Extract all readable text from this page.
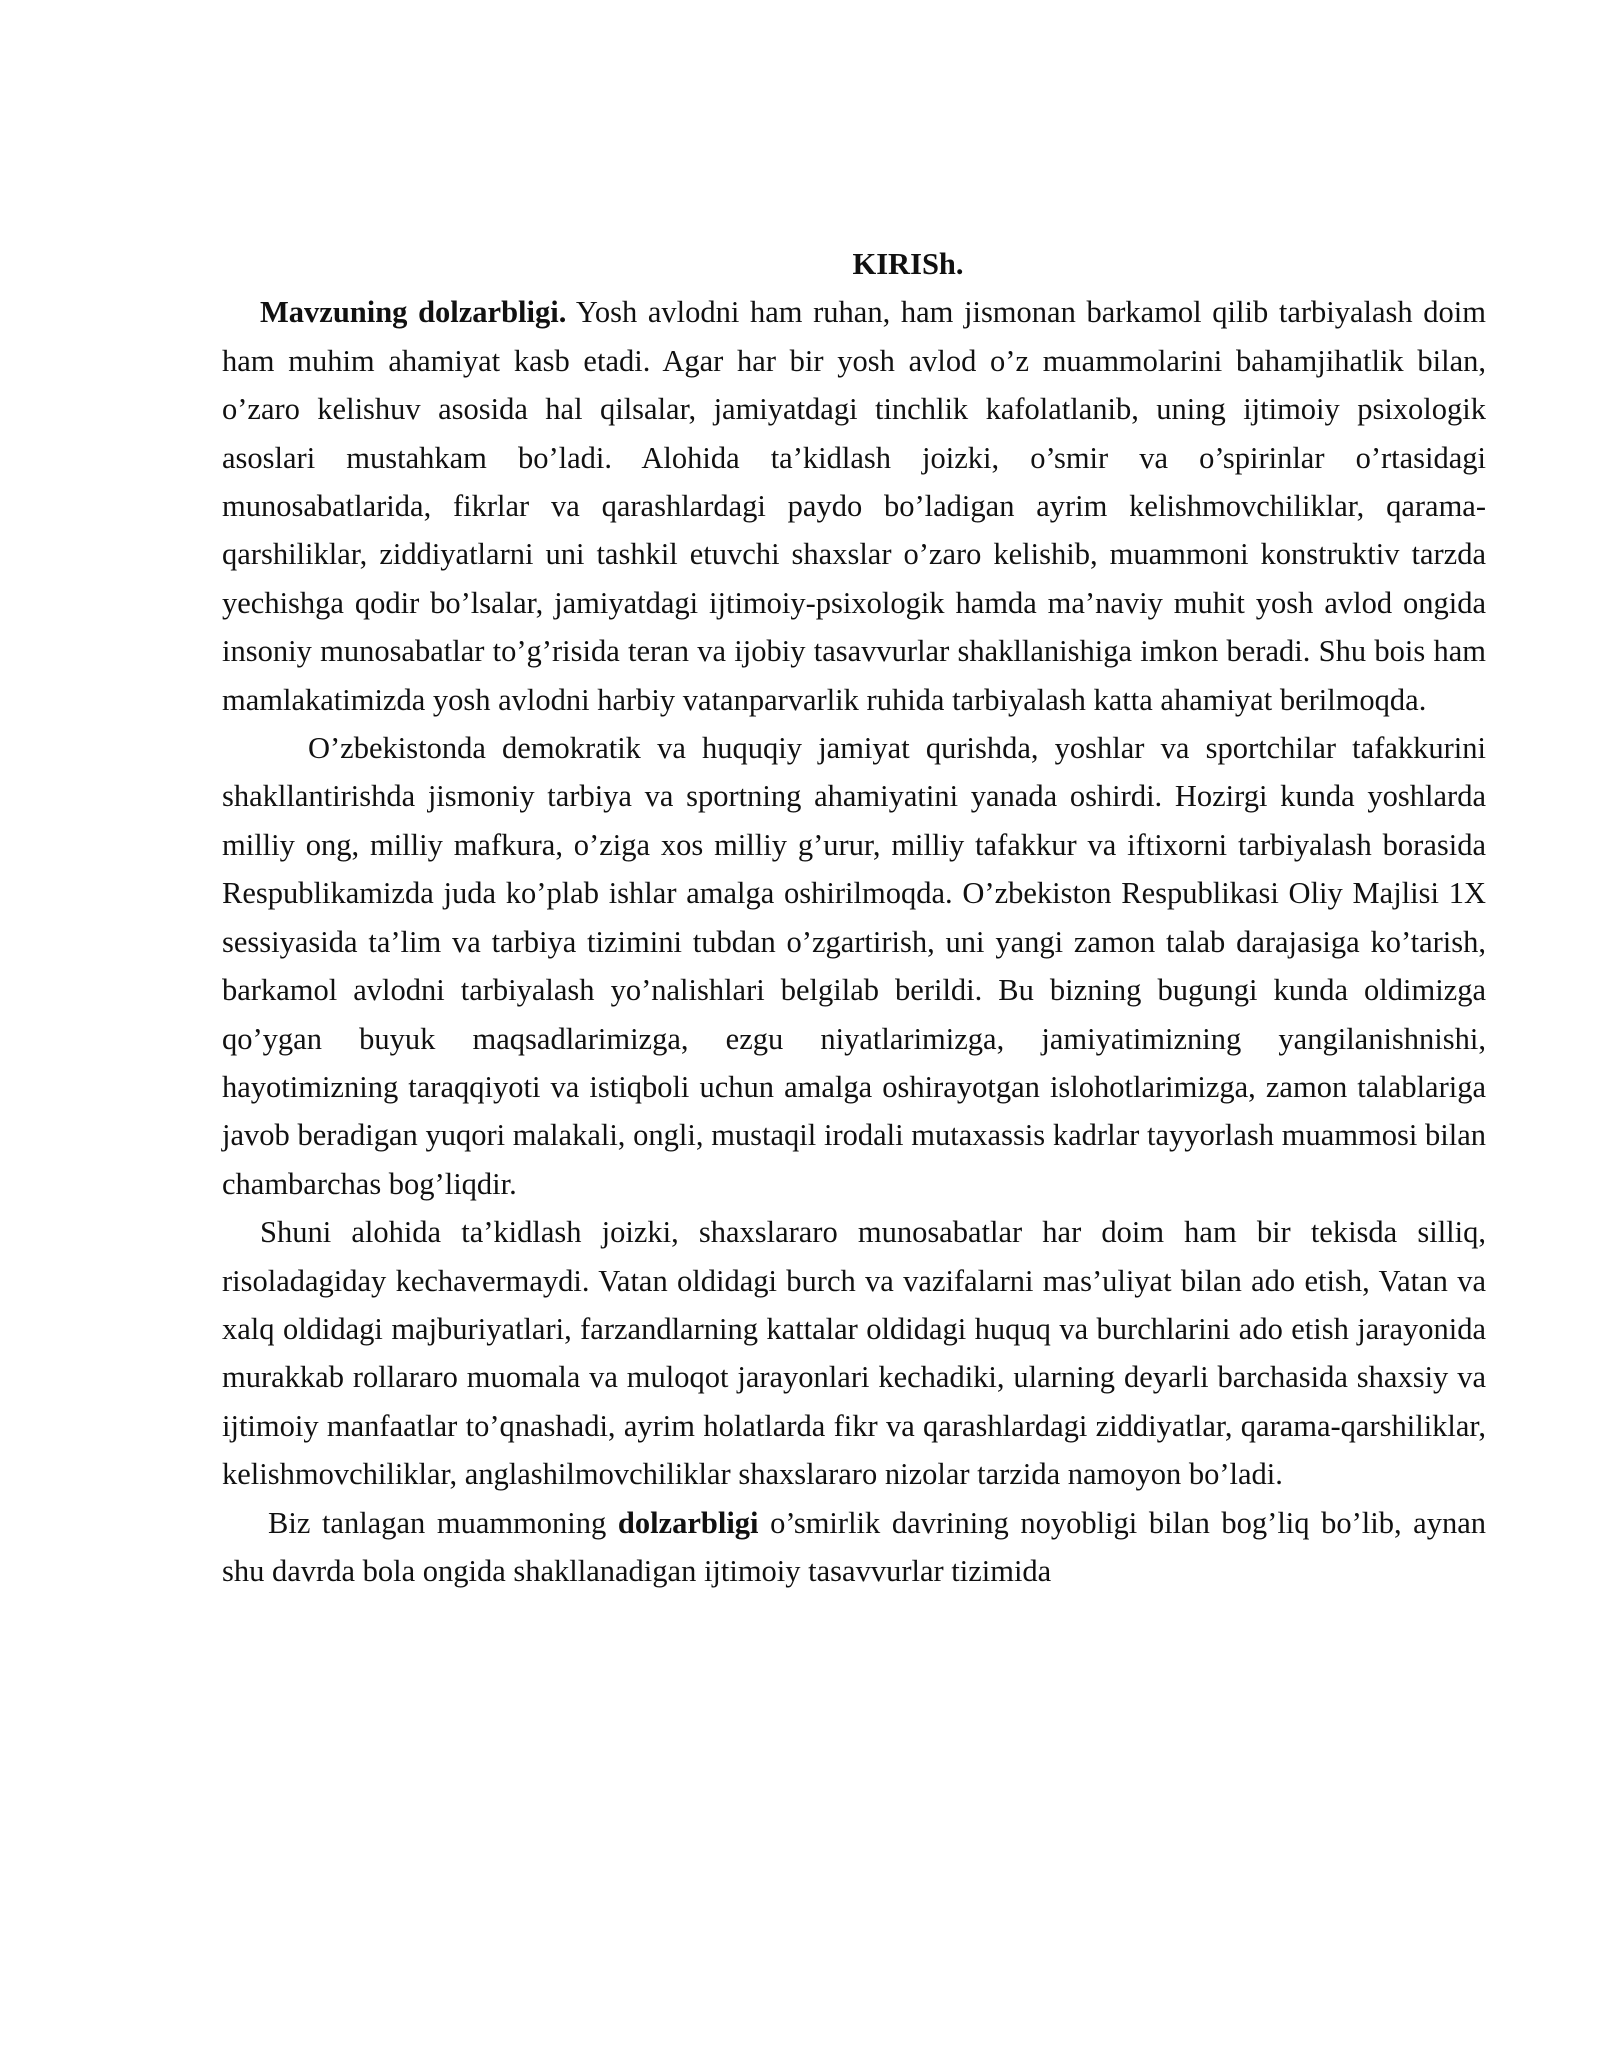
KIRISh.

Mavzuning dolzarbligi. Yosh avlodni ham ruhan, ham jismonan barkamol qilib tarbiyalash doim ham muhim ahamiyat kasb etadi. Agar har bir yosh avlod o’z muammolarini bahamjihatlik bilan, o’zaro kelishuv asosida hal qilsalar, jamiyatdagi tinchlik kafolatlanib, uning ijtimoiy psixologik asoslari mustahkam bo’ladi. Alohida ta’kidlash joizki, o’smir va o’spirinlar o’rtasidagi munosabatlarida, fikrlar va qarashlardagi paydo bo’ladigan ayrim kelishmovchiliklar, qarama-qarshiliklar, ziddiyatlarni uni tashkil etuvchi shaxslar o’zaro kelishib, muammoni konstruktiv tarzda yechishga qodir bo’lsalar, jamiyatdagi ijtimoiy-psixologik hamda ma’naviy muhit yosh avlod ongida insoniy munosabatlar to’g’risida teran va ijobiy tasavvurlar shakllanishiga imkon beradi. Shu bois ham mamlakatimizda yosh avlodni harbiy vatanparvarlik ruhida tarbiyalash katta ahamiyat berilmoqda.

O’zbekistonda demokratik va huquqiy jamiyat qurishda, yoshlar va sportchilar tafakkurini shakllantirishda jismoniy tarbiya va sportning ahamiyatini yanada oshirdi. Hozirgi kunda yoshlarda milliy ong, milliy mafkura, o’ziga xos milliy g’urur, milliy tafakkur va iftixorni tarbiyalash borasida Respublikamizda juda ko’plab ishlar amalga oshirilmoqda. O’zbekiston Respublikasi Oliy Majlisi 1X sessiyasida ta’lim va tarbiya tizimini tubdan o’zgartirish, uni yangi zamon talab darajasiga ko’tarish, barkamol avlodni tarbiyalash yo’nalishlari belgilab berildi. Bu bizning bugungi kunda oldimizga qo’ygan buyuk maqsadlarimizga, ezgu niyatlarimizga, jamiyatimizning yangilanishnishi, hayotimizning taraqqiyoti va istiqboli uchun amalga oshirayotgan islohotlarimizga, zamon talablariga javob beradigan yuqori malakali, ongli, mustaqil irodali mutaxassis kadrlar tayyorlash muammosi bilan chambarchas bog’liqdir.

Shuni alohida ta’kidlash joizki, shaxslararo munosabatlar har doim ham bir tekisda silliq, risoladagiday kechavermaydi. Vatan oldidagi burch va vazifalarni mas’uliyat bilan ado etish, Vatan va xalq oldidagi majburiyatlari, farzandlarning kattalar oldidagi huquq va burchlarini ado etish jarayonida murakkab rollararo muomala va muloqot jarayonlari kechadiki, ularning deyarli barchasida shaxsiy va ijtimoiy manfaatlar to’qnashadi, ayrim holatlarda fikr va qarashlardagi ziddiyatlar, qarama-qarshiliklar, kelishmovchiliklar, anglashilmovchiliklar shaxslararo nizolar tarzida namoyon bo’ladi.

Biz tanlagan muammoning dolzarbligi o’smirlik davrining noyobligi bilan bog’liq bo’lib, aynan shu davrda bola ongida shakllanadigan ijtimoiy tasavvurlar tizimida
